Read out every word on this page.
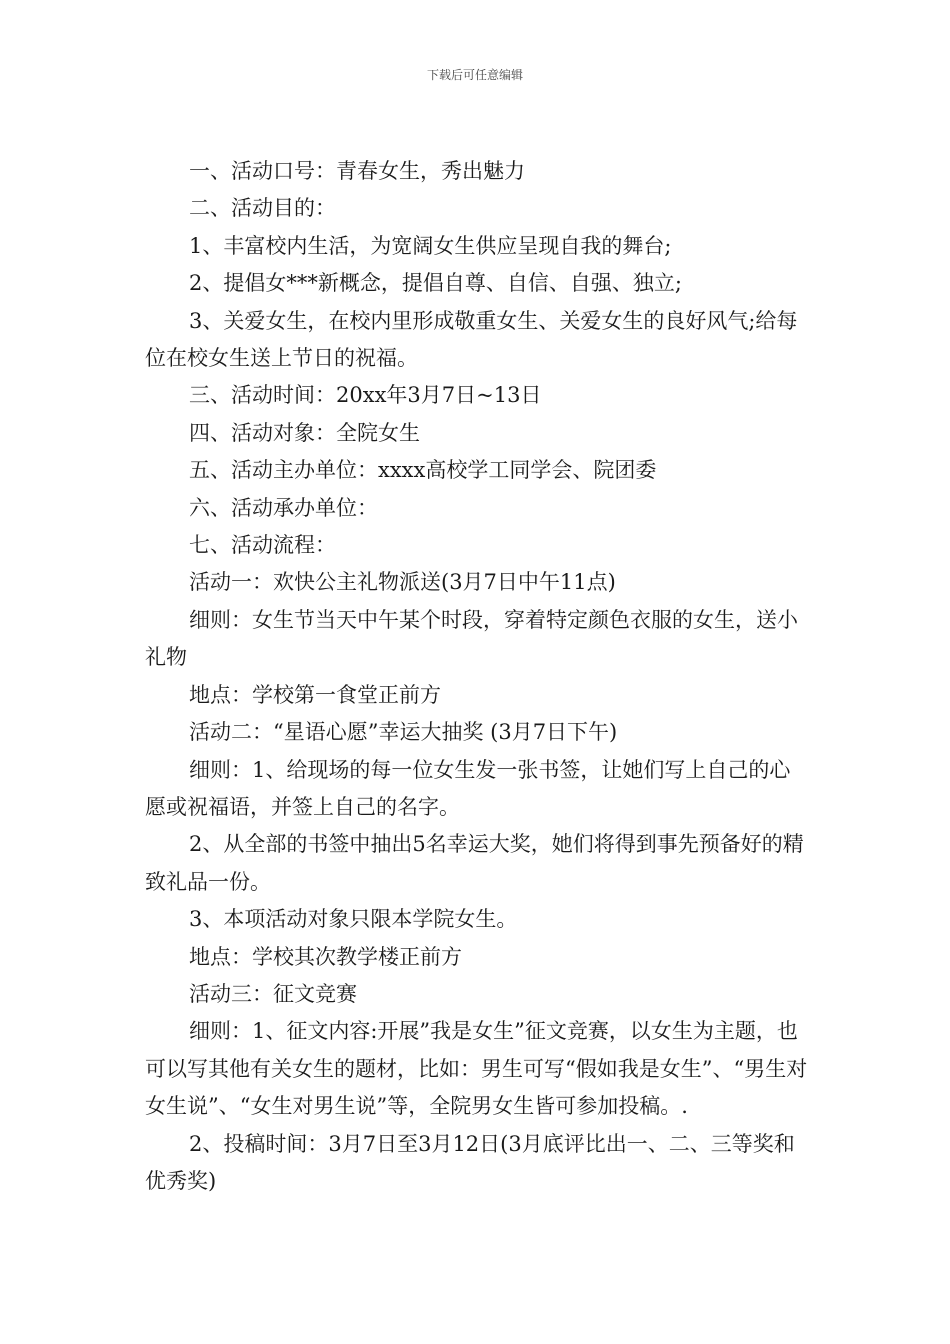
下载后可任意编辑

一、活动口号：青春女生，秀出魅力

二、活动目的：

1、丰富校内生活，为宽阔女生供应呈现自我的舞台;

2、提倡女***新概念，提倡自尊、自信、自强、独立;

3、关爱女生，在校内里形成敬重女生、关爱女生的良好风气;给每位在校女生送上节日的祝福。

三、活动时间：20xx年3月7日~13日

四、活动对象：全院女生

五、活动主办单位：xxxx高校学工同学会、院团委

六、活动承办单位：

七、活动流程：

活动一：欢快公主礼物派送(3月7日中午11点)

细则：女生节当天中午某个时段，穿着特定颜色衣服的女生，送小礼物

地点：学校第一食堂正前方

活动二：“星语心愿”幸运大抽奖 (3月7日下午)

细则：1、给现场的每一位女生发一张书签，让她们写上自己的心愿或祝福语，并签上自己的名字。

2、从全部的书签中抽出5名幸运大奖，她们将得到事先预备好的精致礼品一份。

3、本项活动对象只限本学院女生。

地点：学校其次教学楼正前方

活动三：征文竞赛

细则：1、征文内容:开展”我是女生”征文竞赛，以女生为主题，也可以写其他有关女生的题材，比如：男生可写“假如我是女生”、“男生对女生说”、“女生对男生说”等，全院男女生皆可参加投稿。.

2、投稿时间：3月7日至3月12日(3月底评比出一、二、三等奖和优秀奖)
